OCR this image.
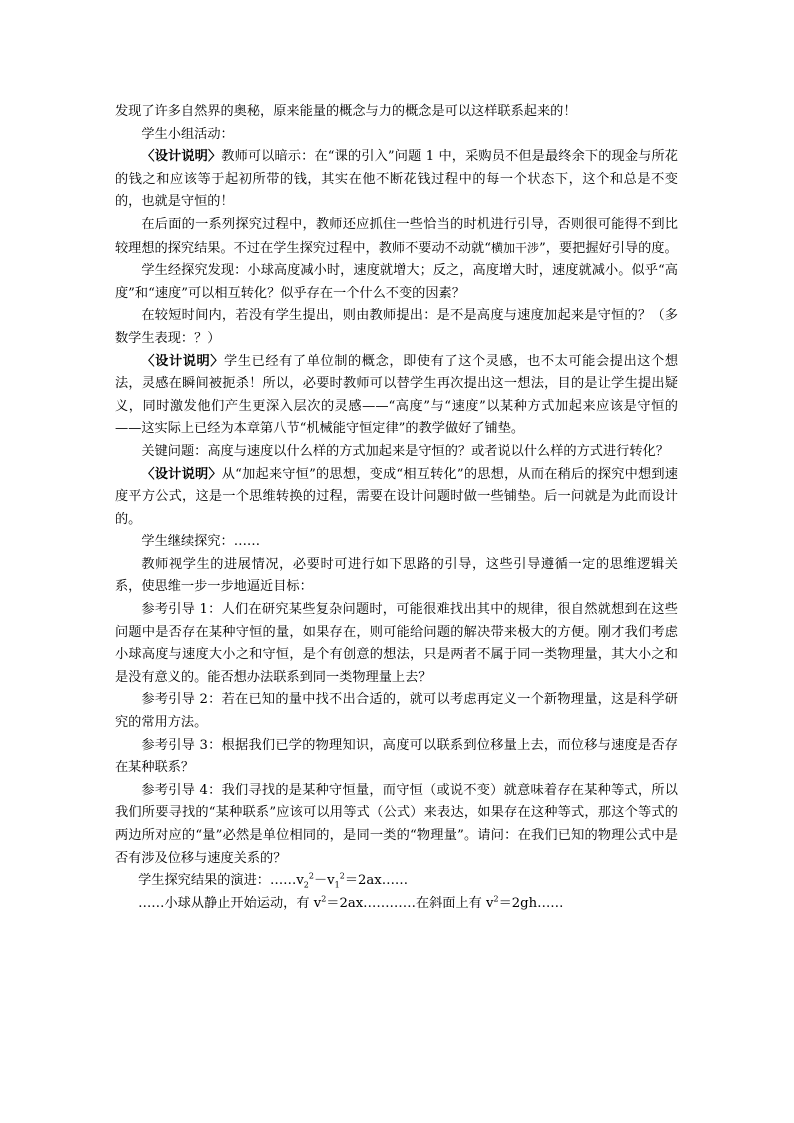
发现了许多自然界的奥秘，原来能量的概念与力的概念是可以这样联系起来的！

学生小组活动：

〈设计说明〉教师可以暗示：在“课的引入”问题 1 中，采购员不但是最终余下的现金与所花的钱之和应该等于起初所带的钱，其实在他不断花钱过程中的每一个状态下，这个和总是不变的，也就是守恒的！

在后面的一系列探究过程中，教师还应抓住一些恰当的时机进行引导，否则很可能得不到比较理想的探究结果。不过在学生探究过程中，教师不要动不动就“横加干涉”，要把握好引导的度。

学生经探究发现：小球高度减小时，速度就增大；反之，高度增大时，速度就减小。似乎“高度”和“速度”可以相互转化？似乎存在一个什么不变的因素？

在较短时间内，若没有学生提出，则由教师提出：是不是高度与速度加起来是守恒的？（多数学生表现：？）

〈设计说明〉学生已经有了单位制的概念，即使有了这个灵感，也不太可能会提出这个想法，灵感在瞬间被扼杀！所以，必要时教师可以替学生再次提出这一想法，目的是让学生提出疑义，同时激发他们产生更深入层次的灵感——“高度”与“速度”以某种方式加起来应该是守恒的——这实际上已经为本章第八节“机械能守恒定律”的教学做好了铺垫。

关键问题：高度与速度以什么样的方式加起来是守恒的？或者说以什么样的方式进行转化？

〈设计说明〉从“加起来守恒”的思想，变成“相互转化”的思想，从而在稍后的探究中想到速度平方公式，这是一个思维转换的过程，需要在设计问题时做一些铺垫。后一问就是为此而设计的。

学生继续探究：……

教师视学生的进展情况，必要时可进行如下思路的引导，这些引导遵循一定的思维逻辑关系，使思维一步一步地逼近目标：

参考引导 1：人们在研究某些复杂问题时，可能很难找出其中的规律，很自然就想到在这些问题中是否存在某种守恒的量，如果存在，则可能给问题的解决带来极大的方便。刚才我们考虑小球高度与速度大小之和守恒，是个有创意的想法，只是两者不属于同一类物理量，其大小之和是没有意义的。能否想办法联系到同一类物理量上去？

参考引导 2：若在已知的量中找不出合适的，就可以考虑再定义一个新物理量，这是科学研究的常用方法。

参考引导 3：根据我们已学的物理知识，高度可以联系到位移量上去，而位移与速度是否存在某种联系？

参考引导 4：我们寻找的是某种守恒量，而守恒（或说不变）就意味着存在某种等式，所以我们所要寻找的“某种联系”应该可以用等式（公式）来表达，如果存在这种等式，那这个等式的两边所对应的“量”必然是单位相同的，是同一类的“物理量”。请问：在我们已知的物理公式中是否有涉及位移与速度关系的？

学生探究结果的演进：$\dots\dots v_2^2-v_1^2=2ax\dots\dots$

……小球从静止开始运动，有 $v^2=2ax\dots\dots\dots\dots$在斜面上有 $v^2=2gh\dots\dots$
